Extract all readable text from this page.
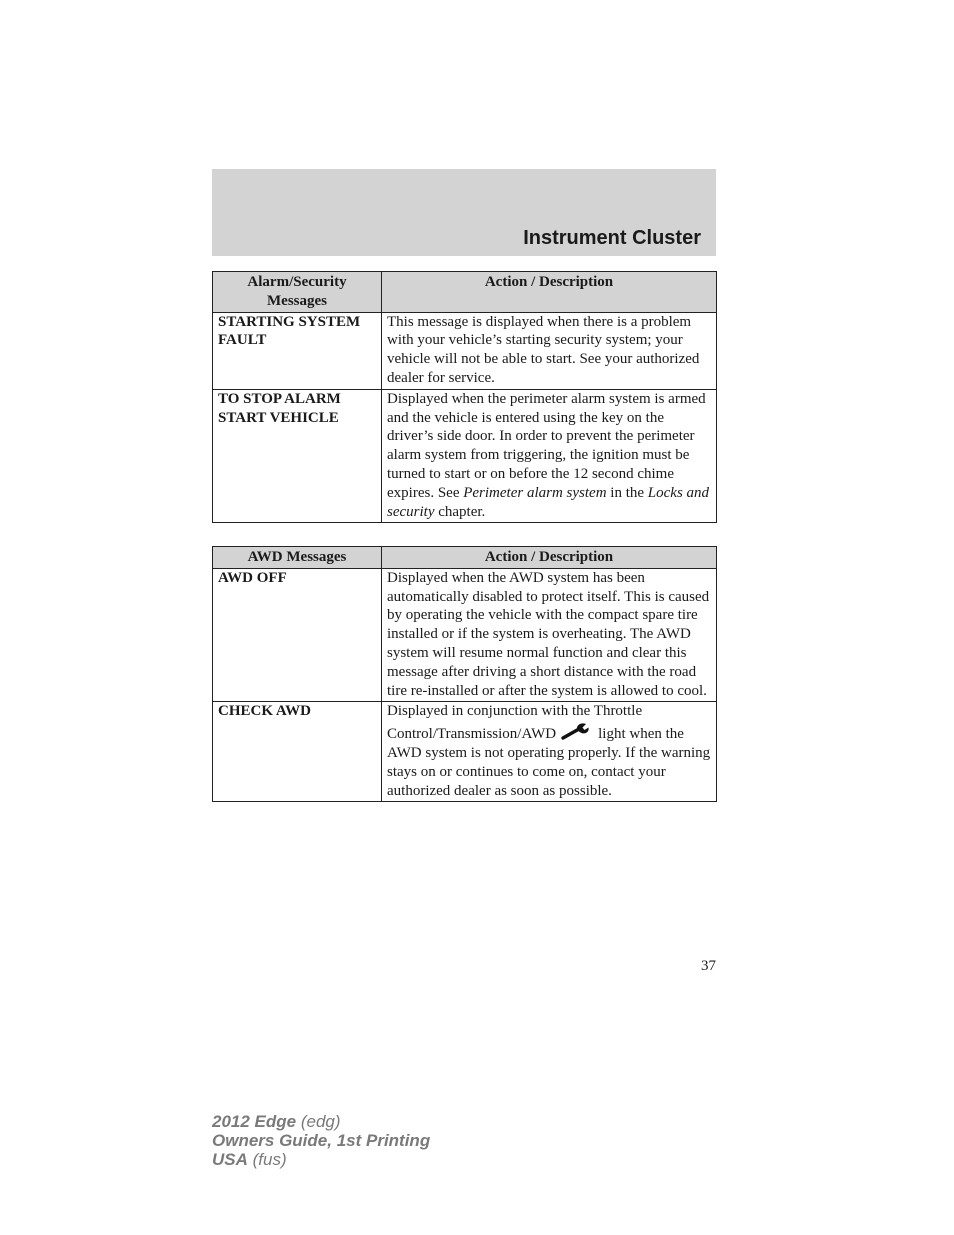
Instrument Cluster
Alarm/Security Messages	Action / Description
STARTING SYSTEM FAULT	This message is displayed when there is a problem with your vehicle’s starting security system; your vehicle will not be able to start. See your authorized dealer for service.
TO STOP ALARM START VEHICLE	Displayed when the perimeter alarm system is armed and the vehicle is entered using the key on the driver’s side door. In order to prevent the perimeter alarm system from triggering, the ignition must be turned to start or on before the 12 second chime expires. See Perimeter alarm system in the Locks and security chapter.
AWD Messages	Action / Description
AWD OFF	Displayed when the AWD system has been automatically disabled to protect itself. This is caused by operating the vehicle with the compact spare tire installed or if the system is overheating. The AWD system will resume normal function and clear this message after driving a short distance with the road tire re-installed or after the system is allowed to cool.
CHECK AWD	Displayed in conjunction with the Throttle Control/Transmission/AWD light when the AWD system is not operating properly. If the warning stays on or continues to come on, contact your authorized dealer as soon as possible.
37
2012 Edge (edg)
Owners Guide, 1st Printing
USA (fus)
